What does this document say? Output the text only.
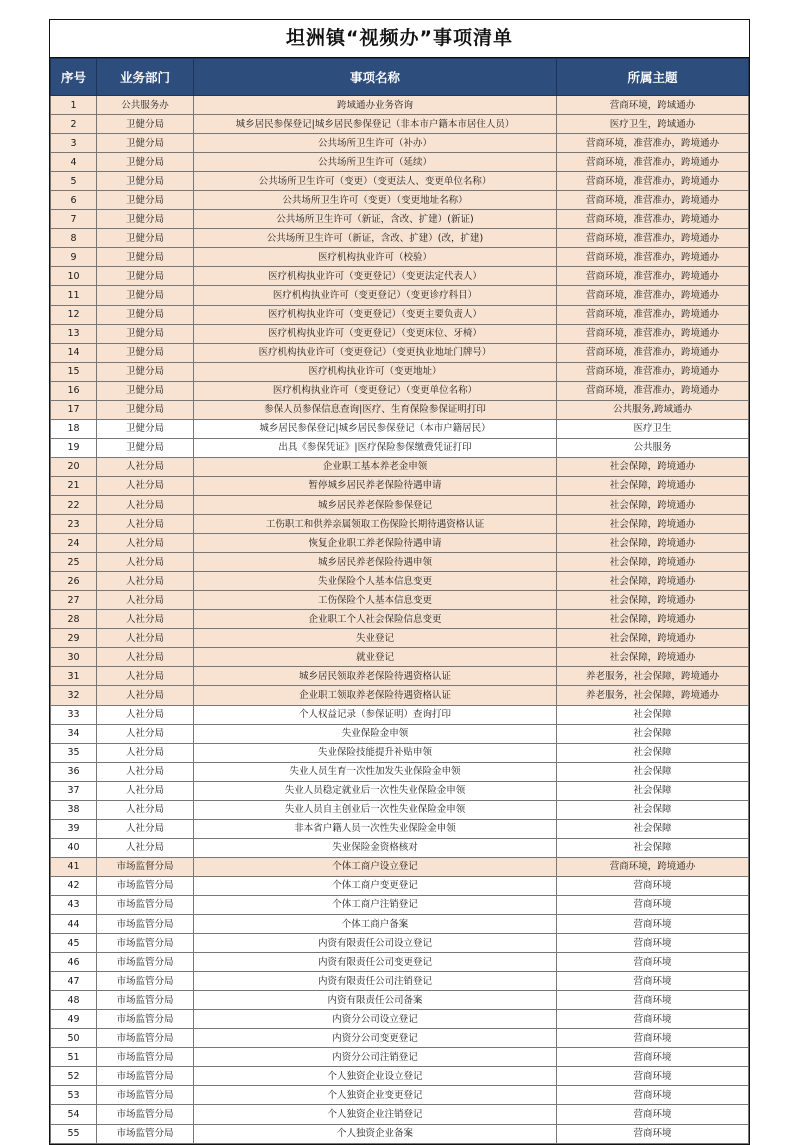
坦洲镇“视频办”事项清单
序号	业务部门	事项名称	所属主题
1	公共服务办	跨域通办业务咨询	营商环境，跨域通办
2	卫健分局	城乡居民参保登记|城乡居民参保登记（非本市户籍本市居住人员）	医疗卫生，跨域通办
3	卫健分局	公共场所卫生许可（补办）	营商环境，准营准办，跨境通办
4	卫健分局	公共场所卫生许可（延续）	营商环境，准营准办，跨境通办
5	卫健分局	公共场所卫生许可（变更）（变更法人、变更单位名称）	营商环境，准营准办，跨境通办
6	卫健分局	公共场所卫生许可（变更）（变更地址名称）	营商环境，准营准办，跨境通办
7	卫健分局	公共场所卫生许可（新证，含改、扩建）(新证)	营商环境，准营准办，跨境通办
8	卫健分局	公共场所卫生许可（新证，含改、扩建）(改，扩建)	营商环境，准营准办，跨境通办
9	卫健分局	医疗机构执业许可（校验）	营商环境，准营准办，跨境通办
10	卫健分局	医疗机构执业许可（变更登记）（变更法定代表人）	营商环境，准营准办，跨境通办
11	卫健分局	医疗机构执业许可（变更登记）（变更诊疗科目）	营商环境，准营准办，跨境通办
12	卫健分局	医疗机构执业许可（变更登记）（变更主要负责人）	营商环境，准营准办，跨境通办
13	卫健分局	医疗机构执业许可（变更登记）（变更床位、牙椅）	营商环境，准营准办，跨境通办
14	卫健分局	医疗机构执业许可（变更登记）（变更执业地址门牌号）	营商环境，准营准办，跨境通办
15	卫健分局	医疗机构执业许可（变更地址）	营商环境，准营准办，跨境通办
16	卫健分局	医疗机构执业许可（变更登记）（变更单位名称）	营商环境，准营准办，跨境通办
17	卫健分局	参保人员参保信息查询|医疗、生育保险参保证明打印	公共服务,跨域通办
18	卫健分局	城乡居民参保登记|城乡居民参保登记（本市户籍居民）	医疗卫生
19	卫健分局	出具《参保凭证》|医疗保险参保缴费凭证打印	公共服务
20	人社分局	企业职工基本养老金申领	社会保障，跨境通办
21	人社分局	暂停城乡居民养老保险待遇申请	社会保障，跨境通办
22	人社分局	城乡居民养老保险参保登记	社会保障，跨境通办
23	人社分局	工伤职工和供养亲属领取工伤保险长期待遇资格认证	社会保障，跨境通办
24	人社分局	恢复企业职工养老保险待遇申请	社会保障，跨境通办
25	人社分局	城乡居民养老保险待遇申领	社会保障，跨境通办
26	人社分局	失业保险个人基本信息变更	社会保障，跨境通办
27	人社分局	工伤保险个人基本信息变更	社会保障，跨境通办
28	人社分局	企业职工个人社会保险信息变更	社会保障，跨境通办
29	人社分局	失业登记	社会保障，跨境通办
30	人社分局	就业登记	社会保障，跨境通办
31	人社分局	城乡居民领取养老保险待遇资格认证	养老服务，社会保障，跨境通办
32	人社分局	企业职工领取养老保险待遇资格认证	养老服务，社会保障，跨境通办
33	人社分局	个人权益记录（参保证明）查询打印	社会保障
34	人社分局	失业保险金申领	社会保障
35	人社分局	失业保险技能提升补贴申领	社会保障
36	人社分局	失业人员生育一次性加发失业保险金申领	社会保障
37	人社分局	失业人员稳定就业后一次性失业保险金申领	社会保障
38	人社分局	失业人员自主创业后一次性失业保险金申领	社会保障
39	人社分局	非本省户籍人员一次性失业保险金申领	社会保障
40	人社分局	失业保险金资格核对	社会保障
41	市场监督分局	个体工商户设立登记	营商环境，跨境通办
42	市场监管分局	个体工商户变更登记	营商环境
43	市场监管分局	个体工商户注销登记	营商环境
44	市场监管分局	个体工商户备案	营商环境
45	市场监管分局	内资有限责任公司设立登记	营商环境
46	市场监管分局	内资有限责任公司变更登记	营商环境
47	市场监管分局	内资有限责任公司注销登记	营商环境
48	市场监管分局	内资有限责任公司备案	营商环境
49	市场监管分局	内资分公司设立登记	营商环境
50	市场监管分局	内资分公司变更登记	营商环境
51	市场监管分局	内资分公司注销登记	营商环境
52	市场监管分局	个人独资企业设立登记	营商环境
53	市场监管分局	个人独资企业变更登记	营商环境
54	市场监管分局	个人独资企业注销登记	营商环境
55	市场监管分局	个人独资企业备案	营商环境
